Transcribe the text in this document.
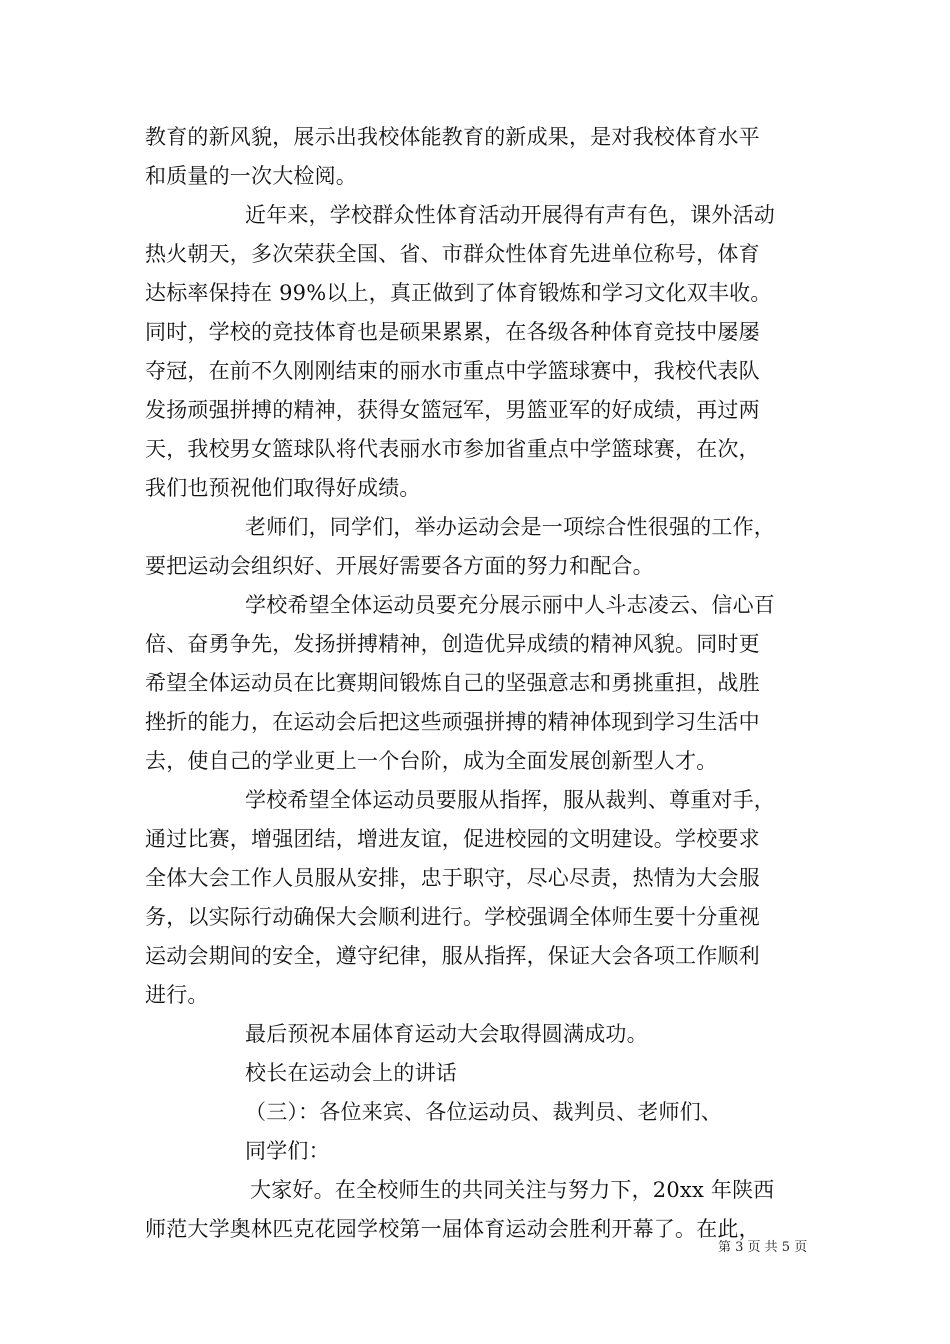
教育的新风貌，展示出我校体能教育的新成果，是对我校体育水平
和质量的一次大检阅。
近年来，学校群众性体育活动开展得有声有色，课外活动
热火朝天，多次荣获全国、省、市群众性体育先进单位称号，体育
达标率保持在 99%以上，真正做到了体育锻炼和学习文化双丰收。
同时，学校的竞技体育也是硕果累累，在各级各种体育竞技中屡屡
夺冠，在前不久刚刚结束的丽水市重点中学篮球赛中，我校代表队
发扬顽强拼搏的精神，获得女篮冠军，男篮亚军的好成绩，再过两
天，我校男女篮球队将代表丽水市参加省重点中学篮球赛，在次，
我们也预祝他们取得好成绩。
老师们，同学们，举办运动会是一项综合性很强的工作，
要把运动会组织好、开展好需要各方面的努力和配合。
学校希望全体运动员要充分展示丽中人斗志凌云、信心百
倍、奋勇争先，发扬拼搏精神，创造优异成绩的精神风貌。同时更
希望全体运动员在比赛期间锻炼自己的坚强意志和勇挑重担，战胜
挫折的能力，在运动会后把这些顽强拼搏的精神体现到学习生活中
去，使自己的学业更上一个台阶，成为全面发展创新型人才。
学校希望全体运动员要服从指挥，服从裁判、尊重对手，
通过比赛，增强团结，增进友谊，促进校园的文明建设。学校要求
全体大会工作人员服从安排，忠于职守，尽心尽责，热情为大会服
务，以实际行动确保大会顺利进行。学校强调全体师生要十分重视
运动会期间的安全，遵守纪律，服从指挥，保证大会各项工作顺利
进行。
最后预祝本届体育运动大会取得圆满成功。
校长在运动会上的讲话
（三）：各位来宾、各位运动员、裁判员、老师们、
同学们：
大家好。在全校师生的共同关注与努力下，20xx 年陕西
师范大学奥林匹克花园学校第一届体育运动会胜利开幕了。在此，
第 3 页 共 5 页
